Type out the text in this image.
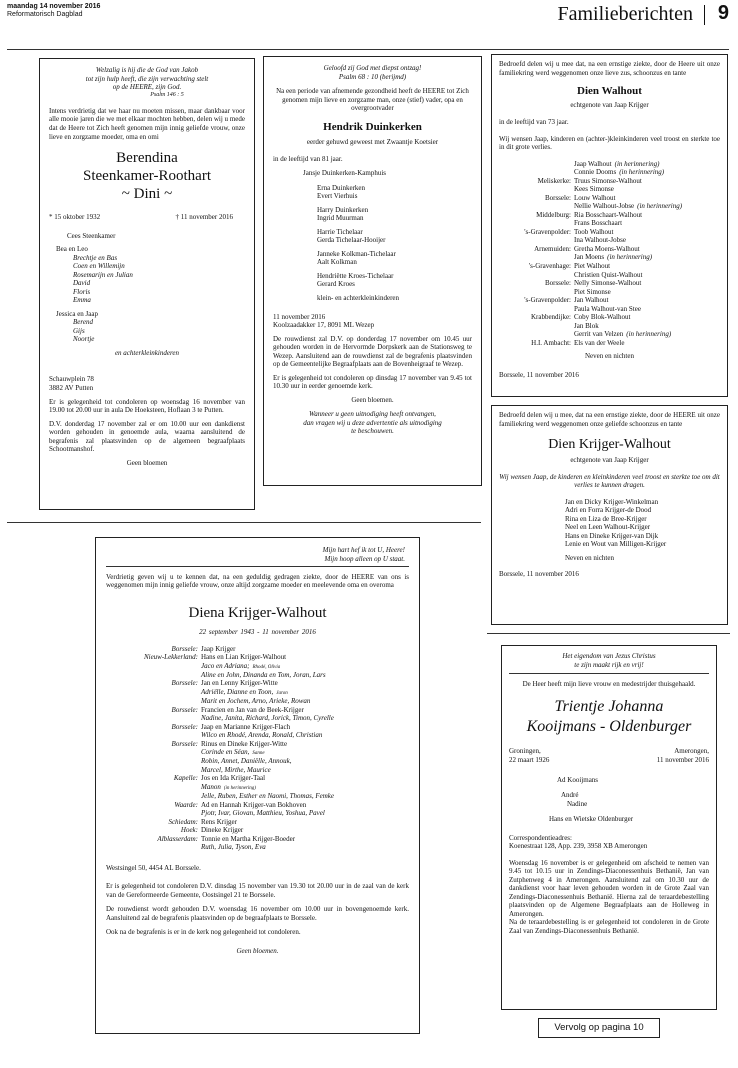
maandag 14 november 2016
Reformatorisch Dagblad	Familieberichten 9
Welzalig is hij die de God van Jakob
tot zijn hulp heeft, die zijn verwachting stelt
op de HEERE, zijn God.
Psalm 146 : 5

Intens verdrietig dat we haar nu moeten missen, maar dankbaar voor alle mooie jaren die we met elkaar mochten hebben, delen wij u mede dat de Heere tot Zich heeft genomen mijn innig geliefde vrouw, onze lieve en zorgzame moeder, oma en omi

Berendina
Steenkamer-Roothart
~ Dini ~
* 15 oktober 1932	† 11 november 2016
Cees Steenkamer
Bea en Leo
Brechtje en Bas
Coen en Willemijn
Rosemarijn en Julian
David
Floris
Emma
Jessica en Jaap
Berend
Gijs
Noortje
en achterkleinkinderen
Schauwplein 78
3882 AV Putten

Er is gelegenheid tot condoleren op woensdag 16 november van 19.00 tot 20.00 uur in aula De Hoeksteen, Hoflaan 3 te Putten.

D.V. donderdag 17 november zal er om 10.00 uur een dankdienst worden gehouden in genoemde aula, waarna aansluitend de begrafenis zal plaatsvinden op de algemeen begraafplaats Schootmanshof.

Geen bloemen
Geloofd zij God met diepst ontzag!
Psalm 68 : 10 (berijmd)

Na een periode van afnemende gezondheid heeft de HEERE tot Zich genomen mijn lieve en zorgzame man, onze (stief) vader, opa en overgrootvader

Hendrik Duinkerken
eerder gehuwd geweest met Zwaantje Koetsier
in de leeftijd van 81 jaar.
Jansje Duinkerken-Kamphuis
Erna Duinkerken
Evert Vierhuis
Harry Duinkerken
Ingrid Muurman
Harrie Tichelaar
Gerda Tichelaar-Hooijer
Janneke Kolkman-Tichelaar
Aalt Kolkman
Hendriëtte Kroes-Tichelaar
Gerard Kroes
klein- en achterkleinkinderen
11 november 2016
Koolzaadakker 17, 8091 ML Wezep

De rouwdienst zal D.V. op donderdag 17 november om 10.45 uur gehouden worden in de Hervormde Dorpskerk aan de Stationsweg te Wezep. Aansluitend aan de rouwdienst zal de begrafenis plaatsvinden op de Gemeentelijke Begraafplaats aan de Bovenheigraaf te Wezep.

Er is gelegenheid tot condoleren op dinsdag 17 november van 9.45 tot 10.30 uur in eerder genoemde kerk.

Geen bloemen.
Wanneer u geen uitnodiging heeft ontvangen,
dan vragen wij u deze advertentie als uitnodiging
te beschouwen.

Bedroefd delen wij u mee dat, na een ernstige ziekte, door de Heere uit onze familiekring werd weggenomen onze lieve zus, schoonzus en tante

Dien Walhout
echtgenote van Jaap Krijger
in de leeftijd van 73 jaar.

Wij wensen Jaap, kinderen en (achter-)kleinkinderen veel troost en sterkte toe in dit grote verlies.

Jaap Walhout (in herinnering)
Connie Dooms (in herinnering)
Meliskerke: Truus Simonse-Walhout
Kees Simonse
Borssele: Louw Walhout
Nellie Walhout-Jobse (in herinnering)
Middelburg: Ria Bosschaart-Walhout
Frans Bosschaart
's-Gravenpolder: Toob Walhout
Ina Walhout-Jobse
Arnemuiden: Gretha Moens-Walhout
Jan Moens (in herinnering)
's-Gravenhage: Piet Walhout
Christien Quist-Walhout
Borssele: Nelly Simonse-Walhout
Piet Simonse
's-Gravenpolder: Jan Walhout
Paula Walhout-van Stee
Krabbendijke: Coby Blok-Walhout
Jan Blok
Gerrit van Velzen (in herinnering)
H.I. Ambacht: Els van der Weele
Neven en nichten
Borssele, 11 november 2016

Bedroefd delen wij u mee, dat na een ernstige ziekte, door de HEERE uit onze familiekring werd weggenomen onze geliefde schoonzus en tante

Dien Krijger-Walhout
echtgenote van Jaap Krijger

Wij wensen Jaap, de kinderen en kleinkinderen veel troost en sterkte toe om dit verlies te kunnen dragen.

Jan en Dicky Krijger-Winkelman
Adri en Forra Krijger-de Dood
Rina en Liza de Bree-Krijger
Neel en Leen Walhout-Krijger
Hans en Dineke Krijger-van Dijk
Lenie en Wout van Milligen-Krijger
Neven en nichten
Borssele, 11 november 2016
Mijn hart hef ik tot U, Heere!
Mijn hoop alleen op U staat.

Verdrietig geven wij u te kennen dat, na een geduldig gedragen ziekte, door de HEERE van ons is weggenomen mijn innig geliefde vrouw, onze altijd zorgzame moeder en meelevende oma en overoma

Diena Krijger-Walhout
22 september 1943 - 11 november 2016
Borssele: Jaap Krijger
Nieuw-Lekkerland: Hans en Lian Krijger-Walhout
Jaco en Adriana; Rhodé, Olivia
Aline en John, Dinanda en Tom, Joran, Lars
Borssele: Jan en Lenny Krijger-Witte
Adriëlle, Dianne en Toon, Jaron
Marit en Jochem, Arno, Arieke, Rowan
Borssele: Francien en Jan van de Beek-Krijger
Nadine, Janita, Richard, Jorick, Timon, Cyrelle
Borssele: Jaap en Marianne Krijger-Flach
Wilco en Rhodé, Arenda, Ronald, Christian
Borssele: Rinus en Dineke Krijger-Witte
Corinde en Séan, Sanne
Robin, Annet, Daniëlle, Annouk,
Marcel, Mirthe, Maurice
Kapelle: Jos en Ida Krijger-Taal
Manon (in herinnering)
Jelle, Ruben, Esther en Naomi, Thomas, Femke
Waarde: Ad en Hannah Krijger-van Bokhoven
Pjotr, Ivar, Giovan, Matthieu, Yoshua, Pavel
Schiedam: Rens Krijger
Hoek: Dineke Krijger
Alblasserdam: Tonnie en Martha Krijger-Boeder
Ruth, Julia, Tyson, Eva
Westsingel 50, 4454 AL Borssele.

Er is gelegenheid tot condoleren D.V. dinsdag 15 november van 19.30 tot 20.00 uur in de zaal van de kerk van de Gereformeerde Gemeente, Oostsingel 21 te Borssele.

De rouwdienst wordt gehouden D.V. woensdag 16 november om 10.00 uur in bovengenoemde kerk. Aansluitend zal de begrafenis plaatsvinden op de begraafplaats te Borssele.

Ook na de begrafenis is er in de kerk nog gelegenheid tot condoleren.

Geen bloemen.
Het eigendom van Jezus Christus
te zijn maakt rijk en vrij!

De Heer heeft mijn lieve vrouw en medestrijder thuisgehaald.

Trientje Johanna
Kooijmans - Oldenburger
Groningen,
22 maart 1926
Amerongen,
11 november 2016
Ad Kooijmans
André
Nadine
Hans en Wietske Oldenburger
Correspondentieadres:
Koenestraat 128, App. 239, 3958 XB Amerongen

Woensdag 16 november is er gelegenheid om afscheid te nemen van 9.45 tot 10.15 uur in Zendings-Diaconessenhuis Bethanië, Jan van Zutphenweg 4 in Amerongen. Aansluitend zal om 10.30 uur de dankdienst voor haar leven gehouden worden in de Grote Zaal van Zendings-Diaconessenhuis Bethanië. Hierna zal de teraardebestelling plaatsvinden op de Algemene Begraafplaats aan de Holleweg in Amerongen.

Na de teraardebestelling is er gelegenheid tot condoleren in de Grote Zaal van Zendings-Diaconessenhuis Bethanië.

Vervolg op pagina 10
